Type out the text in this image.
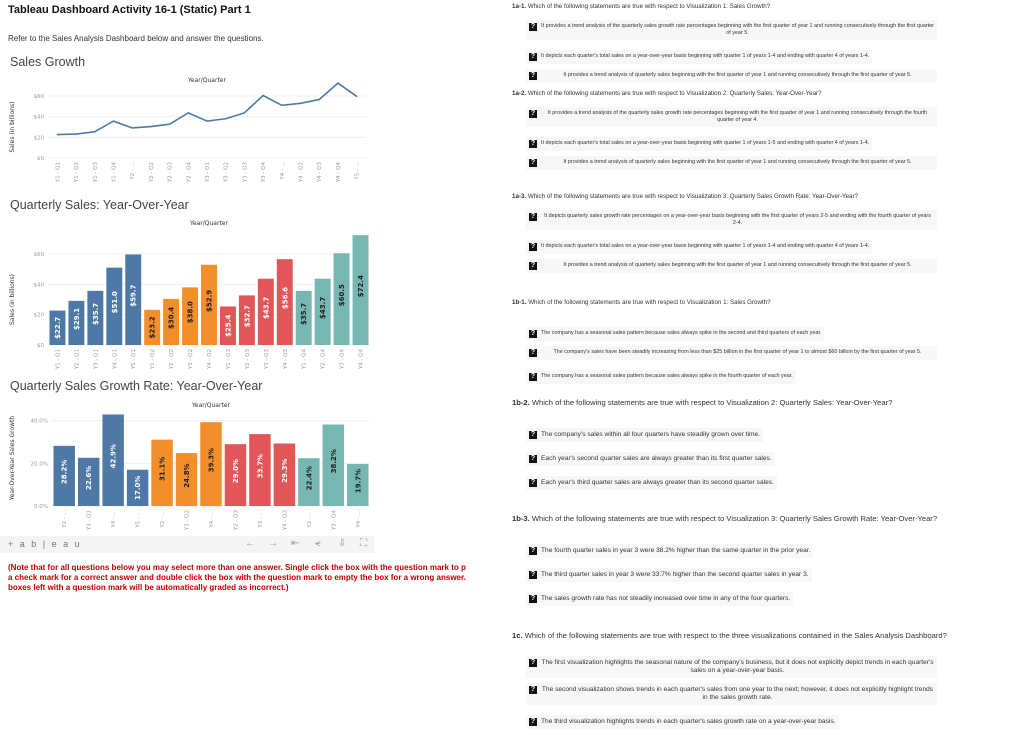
Tableau Dashboard Activity 16-1 (Static) Part 1
Refer to the Sales Analysis Dashboard below and answer the questions.
Sales Growth
Year/Quarter
Sales (in billions)
$0
$20
$40
$60
Y1 - Q1 Y1 - Q2 Y1 - Q3 Y1 - Q4 Y2 - ... Y2 - Q2 Y2 - Q3 Y2 - Q4 Y3 - Q1 Y3 - Q2 Y3 - Q3 Y3 - Q4 Y4 - ... Y4 - Q2 Y4 - Q3 Y4 - Q4 Y5 - ...
Quarterly Sales: Year-Over-Year
Year/Quarter
Sales (in billions)
$0
$20
$40
$60
Y1 - Q1 Y2 - Q1 Y3 - Q1 Y4 - Q1 Y5 - Q1 Y1 - Q2 Y2 - Q2 Y3 - Q2 Y4 - Q2 Y1 - Q3 Y2 - Q3 Y3 - Q3 Y4 - Q3 Y1 - Q4 Y2 - Q4 Y3 - Q4 Y4 - Q4
$22.7 $29.1 $35.7
$51.0 $59.7
$23.2 $30.4 $38.0
$52.9
$25.4 $32.7 $43.7 $56.6
$35.7 $43.7
$60.5 $72.4
Quarterly Sales Growth Rate: Year-Over-Year
Year/Quarter
Year-Over-Year Sales Growth
0.0%
20.0%
40.0%
Y2 - ...	Y3 - Q1	Y4 - ...	Y5 - ...	Y2 - ...	Y3 - Q2	Y4 - ...	Y2 - Q3	Y3 - ...	Y4 - Q3	Y2 - ...	Y3 - Q4	Y4 - ...
28.2% 22.6%
42.9%
17.0%
31.1% 24.8%
39.3% 29.0% 33.7% 29.3% 22.4%
38.2%
19.7%
+ a b | e a u	← → ⇤ ⪪ ⇩ ⛶
(Note that for all questions below you may select more than one answer. Single click the box with the question mark to p
a check mark for a correct answer and double click the box with the question mark to empty the box for a wrong answer.
boxes left with a question mark will be automatically graded as incorrect.)
1a-1. Which of the following statements are true with respect to Visualization 1: Sales Growth?
?	It provides a trend analysis of the quarterly sales growth rate percentages beginning with the first quarter of year 1 and running consecutively through the first quarter of year 5.
?	It depicts each quarter's total sales on a year-over-year basis beginning with quarter 1 of years 1-4 and ending with quarter 4 of years 1-4.

?	It provides a trend analysis of quarterly sales beginning with the first quarter of year 1 and running consecutively through the first quarter of year 5.
1a-2. Which of the following statements are true with respect to Visualization 2: Quarterly Sales: Year-Over-Year?
?	It provides a trend analysis of the quarterly sales growth rate percentages beginning with the first quarter of year 1 and running consecutively through the fourth quarter of year 4.
?	It depicts each quarter's total sales on a year-over-year basis beginning with quarter 1 of years 1-5 and ending with quarter 4 of years 1-4.

?	It provides a trend analysis of quarterly sales beginning with the first quarter of year 1 and running consecutively through the first quarter of year 5.
1a-3. Which of the following statements are true with respect to Visualization 3: Quarterly Sales Growth Rate: Year-Over-Year?
?	It depicts quarterly sales growth rate percentages on a year-over-year basis beginning with the first quarter of years 2-5 and ending with the fourth quarter of years 2-4.
?	It depicts each quarter's total sales on a year-over-year basis beginning with quarter 1 of years 1-4 and ending with quarter 4 of years 1-4.

?	It provides a trend analysis of quarterly sales beginning with the first quarter of year 1 and running consecutively through the first quarter of year 5.
1b-1. Which of the following statements are true with respect to Visualization 1: Sales Growth?
?	The company has a seasonal sales pattern because sales always spike in the second and third quarters of each year.

?	The company's sales have been steadily increasing from less than $25 billion in the first quarter of year 1 to almost $60 billion by the first quarter of year 5.
?	The company has a seasonal sales pattern because sales always spike in the fourth quarter of each year.

1b-2. Which of the following statements are true with respect to Visualization 2: Quarterly Sales: Year-Over-Year?
? The company's sales within all four quarters have steadily grown over time.

? Each year's second quarter sales are always greater than its first quarter sales.

? Each year's third quarter sales are always greater than its second quarter sales.

1b-3. Which of the following statements are true with respect to Visualization 3: Quarterly Sales Growth Rate: Year-Over-Year?
? The fourth quarter sales in year 3 were 38.2% higher than the same quarter in the prior year.

? The third quarter sales in year 3 were 33.7% higher than the second quarter sales in year 3.

? The sales growth rate has not steadily increased over time in any of the four quarters.

1c. Which of the following statements are true with respect to the three visualizations contained in the Sales Analysis Dashboard?
? The first visualization highlights the seasonal nature of the company's business, but it does not explicitly depict trends in each quarter's sales on a year-over-year basis.
? The second visualization shows trends in each quarter's sales from one year to the next; however, it does not explicitly highlight trends in the sales growth rate.
? The third visualization highlights trends in each quarter's sales growth rate on a year-over-year basis.
